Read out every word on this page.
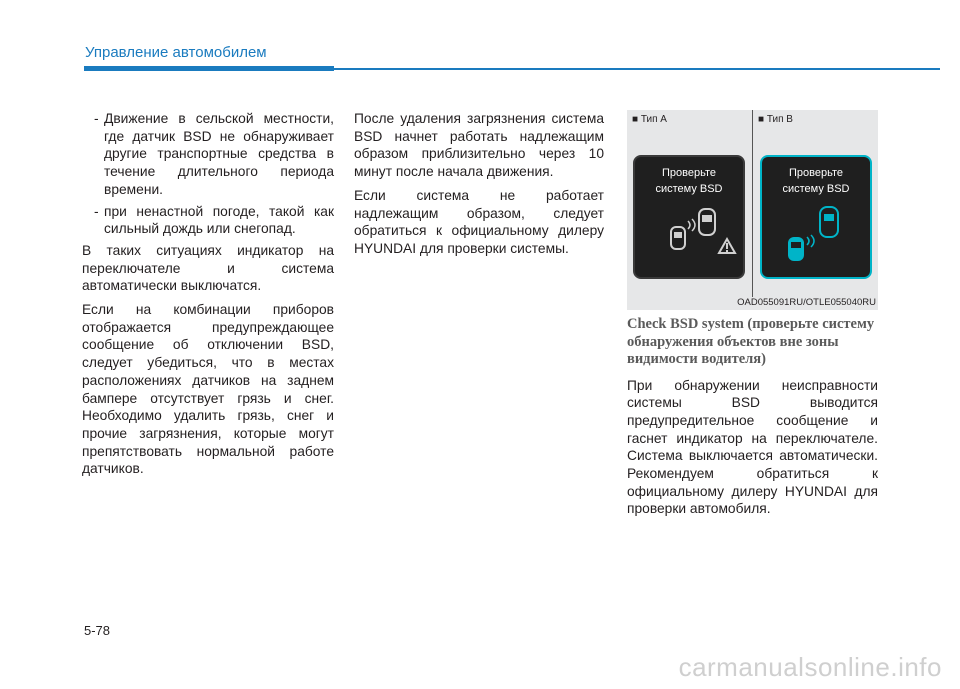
Управление автомобилем
- Движение в сельской местности, где датчик BSD не обнаруживает другие транспортные средства в течение длительного периода времени.
- при ненастной погоде, такой как сильный дождь или снегопад.

В таких ситуациях индикатор на переключателе и система автоматически выключатся.

Если на комбинации приборов отображается предупреждающее сообщение об отключении BSD, следует убедиться, что в местах расположениях датчиков на заднем бампере отсутствует грязь и снег. Необходимо удалить грязь, снег и прочие загрязнения, которые могут препятствовать нормальной работе датчиков.

После удаления загрязнения система BSD начнет работать надлежащим образом приблизительно через 10 минут после начала движения.

Если система не работает надлежащим образом, следует обратиться к официальному дилеру HYUNDAI для проверки системы.

■ Тип A	■ Тип B
Проверьте
систему BSD
Проверьте
систему BSD
OAD055091RU/OTLE055040RU
Check BSD system (проверьте систему обнаружения объектов вне зоны видимости водителя)

При обнаружении неисправности системы BSD выводится предупредительное сообщение и гаснет индикатор на переключателе. Система выключается автоматически. Рекомендуем обратиться к официальному дилеру HYUNDAI для проверки автомобиля.

5-78
carmanualsonline.info
